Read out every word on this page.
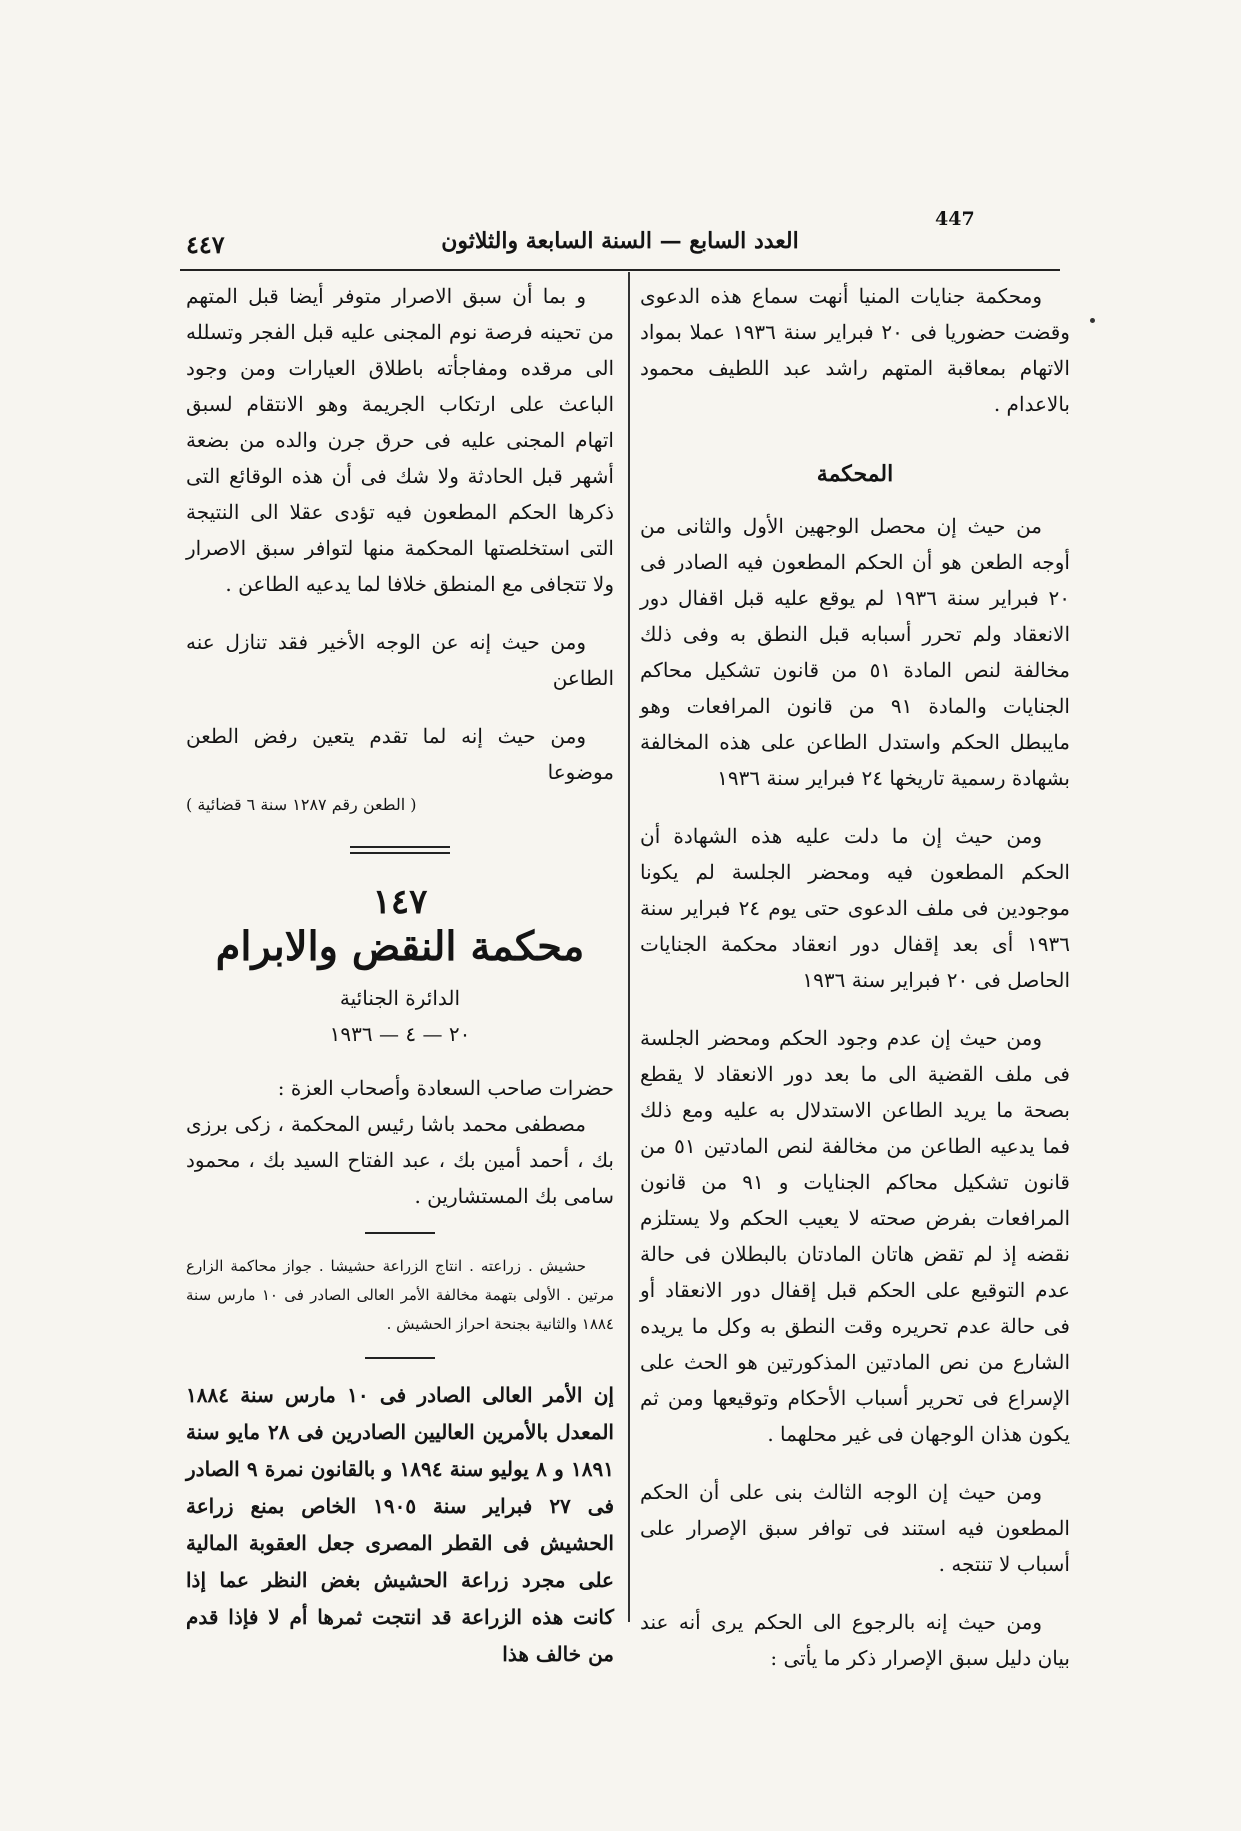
447
العدد السابع — السنة السابعة والثلاثون
٤٤٧

ومحكمة جنايات المنيا أنهت سماع هذه الدعوى وقضت حضوريا فى ٢٠ فبراير سنة ١٩٣٦ عملا بمواد الاتهام بمعاقبة المتهم راشد عبد اللطيف محمود بالاعدام .

المحكمة

من حيث إن محصل الوجهين الأول والثانى من أوجه الطعن هو أن الحكم المطعون فيه الصادر فى ٢٠ فبراير سنة ١٩٣٦ لم يوقع عليه قبل اقفال دور الانعقاد ولم تحرر أسبابه قبل النطق به وفى ذلك مخالفة لنص المادة ٥١ من قانون تشكيل محاكم الجنايات والمادة ٩١ من قانون المرافعات وهو مايبطل الحكم واستدل الطاعن على هذه المخالفة بشهادة رسمية تاريخها ٢٤ فبراير سنة ١٩٣٦

ومن حيث إن ما دلت عليه هذه الشهادة أن الحكم المطعون فيه ومحضر الجلسة لم يكونا موجودين فى ملف الدعوى حتى يوم ٢٤ فبراير سنة ١٩٣٦ أى بعد إقفال دور انعقاد محكمة الجنايات الحاصل فى ٢٠ فبراير سنة ١٩٣٦

ومن حيث إن عدم وجود الحكم ومحضر الجلسة فى ملف القضية الى ما بعد دور الانعقاد لا يقطع بصحة ما يريد الطاعن الاستدلال به عليه ومع ذلك فما يدعيه الطاعن من مخالفة لنص المادتين ٥١ من قانون تشكيل محاكم الجنايات و ٩١ من قانون المرافعات بفرض صحته لا يعيب الحكم ولا يستلزم نقضه إذ لم تقض هاتان المادتان بالبطلان فى حالة عدم التوقيع على الحكم قبل إقفال دور الانعقاد أو فى حالة عدم تحريره وقت النطق به وكل ما يريده الشارع من نص المادتين المذكورتين هو الحث على الإسراع فى تحرير أسباب الأحكام وتوقيعها ومن ثم يكون هذان الوجهان فى غير محلهما .

ومن حيث إن الوجه الثالث بنى على أن الحكم المطعون فيه استند فى توافر سبق الإصرار على أسباب لا تنتجه .

ومن حيث إنه بالرجوع الى الحكم يرى أنه عند بيان دليل سبق الإصرار ذكر ما يأتى :

و بما أن سبق الاصرار متوفر أيضا قبل المتهم من تحينه فرصة نوم المجنى عليه قبل الفجر وتسلله الى مرقده ومفاجأته باطلاق العيارات ومن وجود الباعث على ارتكاب الجريمة وهو الانتقام لسبق اتهام المجنى عليه فى حرق جرن والده من بضعة أشهر قبل الحادثة ولا شك فى أن هذه الوقائع التى ذكرها الحكم المطعون فيه تؤدى عقلا الى النتيجة التى استخلصتها المحكمة منها لتوافر سبق الاصرار ولا تتجافى مع المنطق خلافا لما يدعيه الطاعن .

ومن حيث إنه عن الوجه الأخير فقد تنازل عنه الطاعن

ومن حيث إنه لما تقدم يتعين رفض الطعن موضوعا

( الطعن رقم ١٢٨٧ سنة ٦ قضائية )

١٤٧
محكمة النقض والابرام
الدائرة الجنائية
٢٠ — ٤ — ١٩٣٦

حضرات صاحب السعادة وأصحاب العزة :

مصطفى محمد باشا رئيس المحكمة ، زكى برزى بك ، أحمد أمين بك ، عبد الفتاح السيد بك ، محمود سامى بك المستشارين .

حشيش . زراعته . انتاج الزراعة حشيشا . جواز محاكمة الزارع مرتين . الأولى بتهمة مخالفة الأمر العالى الصادر فى ١٠ مارس سنة ١٨٨٤ والثانية بجنحة احراز الحشيش .

إن الأمر العالى الصادر فى ١٠ مارس سنة ١٨٨٤ المعدل بالأمرين العاليين الصادرين فى ٢٨ مايو سنة ١٨٩١ و ٨ يوليو سنة ١٨٩٤ و بالقانون نمرة ٩ الصادر فى ٢٧ فبراير سنة ١٩٠٥ الخاص بمنع زراعة الحشيش فى القطر المصرى جعل العقوبة المالية على مجرد زراعة الحشيش بغض النظر عما إذا كانت هذه الزراعة قد انتجت ثمرها أم لا فإذا قدم من خالف هذا
